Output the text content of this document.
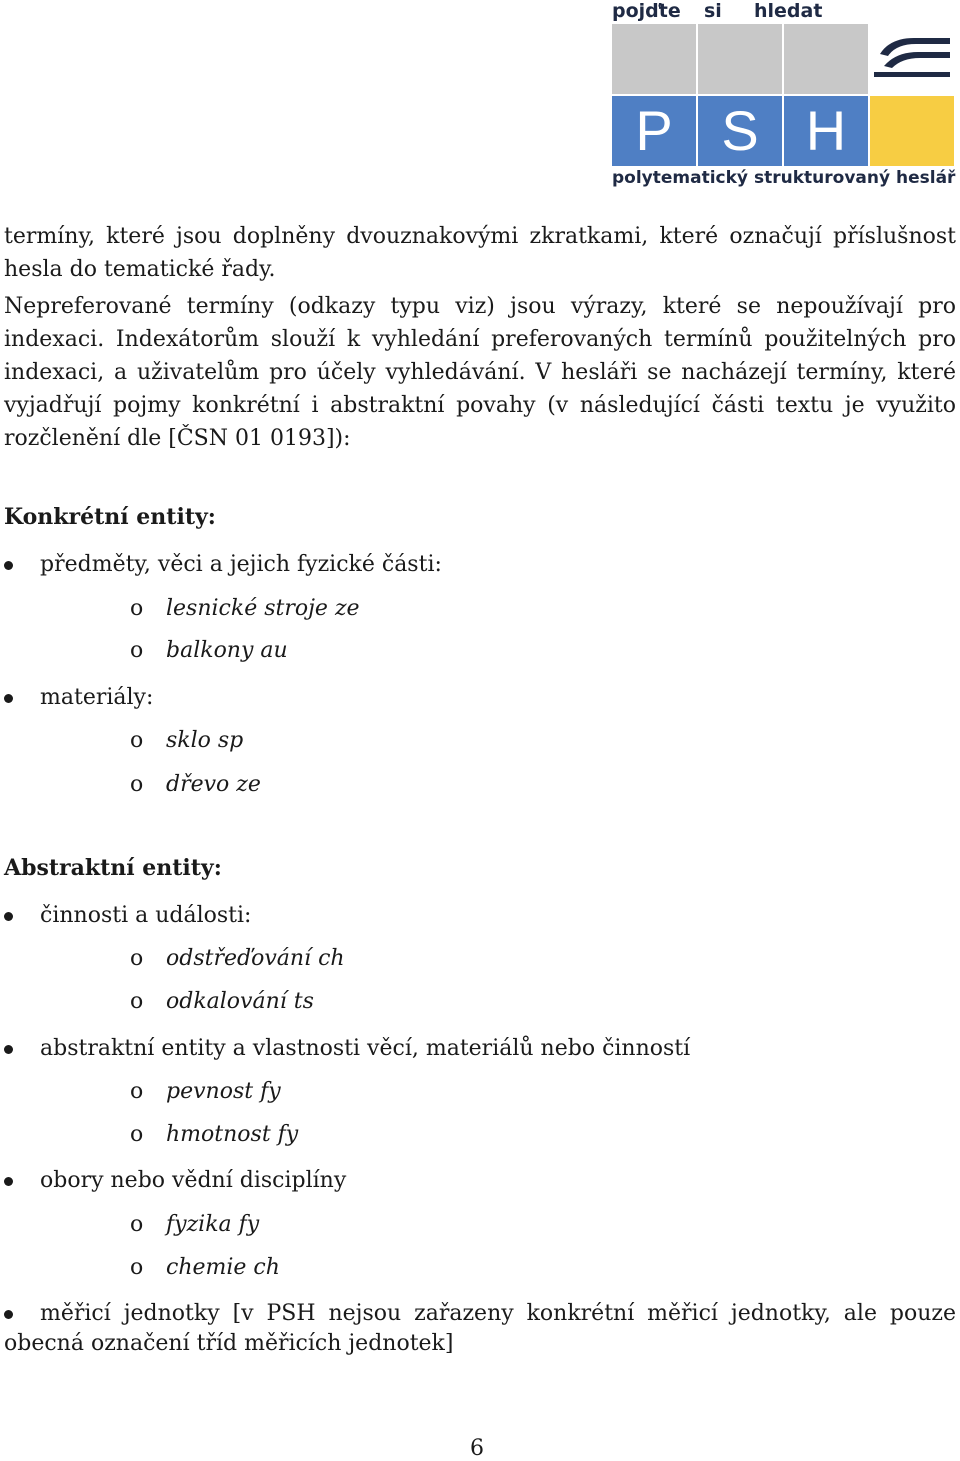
pojďte si hledat
P S H
polytematický strukturovaný heslář

termíny, které jsou doplněny dvouznakovými zkratkami, které označují příslušnost hesla do tematické řady.

Nepreferované termíny (odkazy typu viz) jsou výrazy, které se nepoužívají pro indexaci. Indexátorům slouží k vyhledání preferovaných termínů použitelných pro indexaci, a uživatelům pro účely vyhledávání. V hesláři se nacházejí termíny, které vyjadřují pojmy konkrétní i abstraktní povahy (v následující části textu je využito rozčlenění dle [ČSN 01 0193]):

Konkrétní entity:
předměty, věci a jejich fyzické části:
o lesnické stroje ze
o balkony au
materiály:
o sklo sp
o dřevo ze
Abstraktní entity:
činnosti a události:
o odstřeďování ch
o odkalování ts
abstraktní entity a vlastnosti věcí, materiálů nebo činností
o pevnost fy
o hmotnost fy
obory nebo vědní disciplíny
o fyzika fy
o chemie ch
měřicí jednotky [v PSH nejsou zařazeny konkrétní měřicí jednotky, ale pouze obecná označení tříd měřicích jednotek]
6
